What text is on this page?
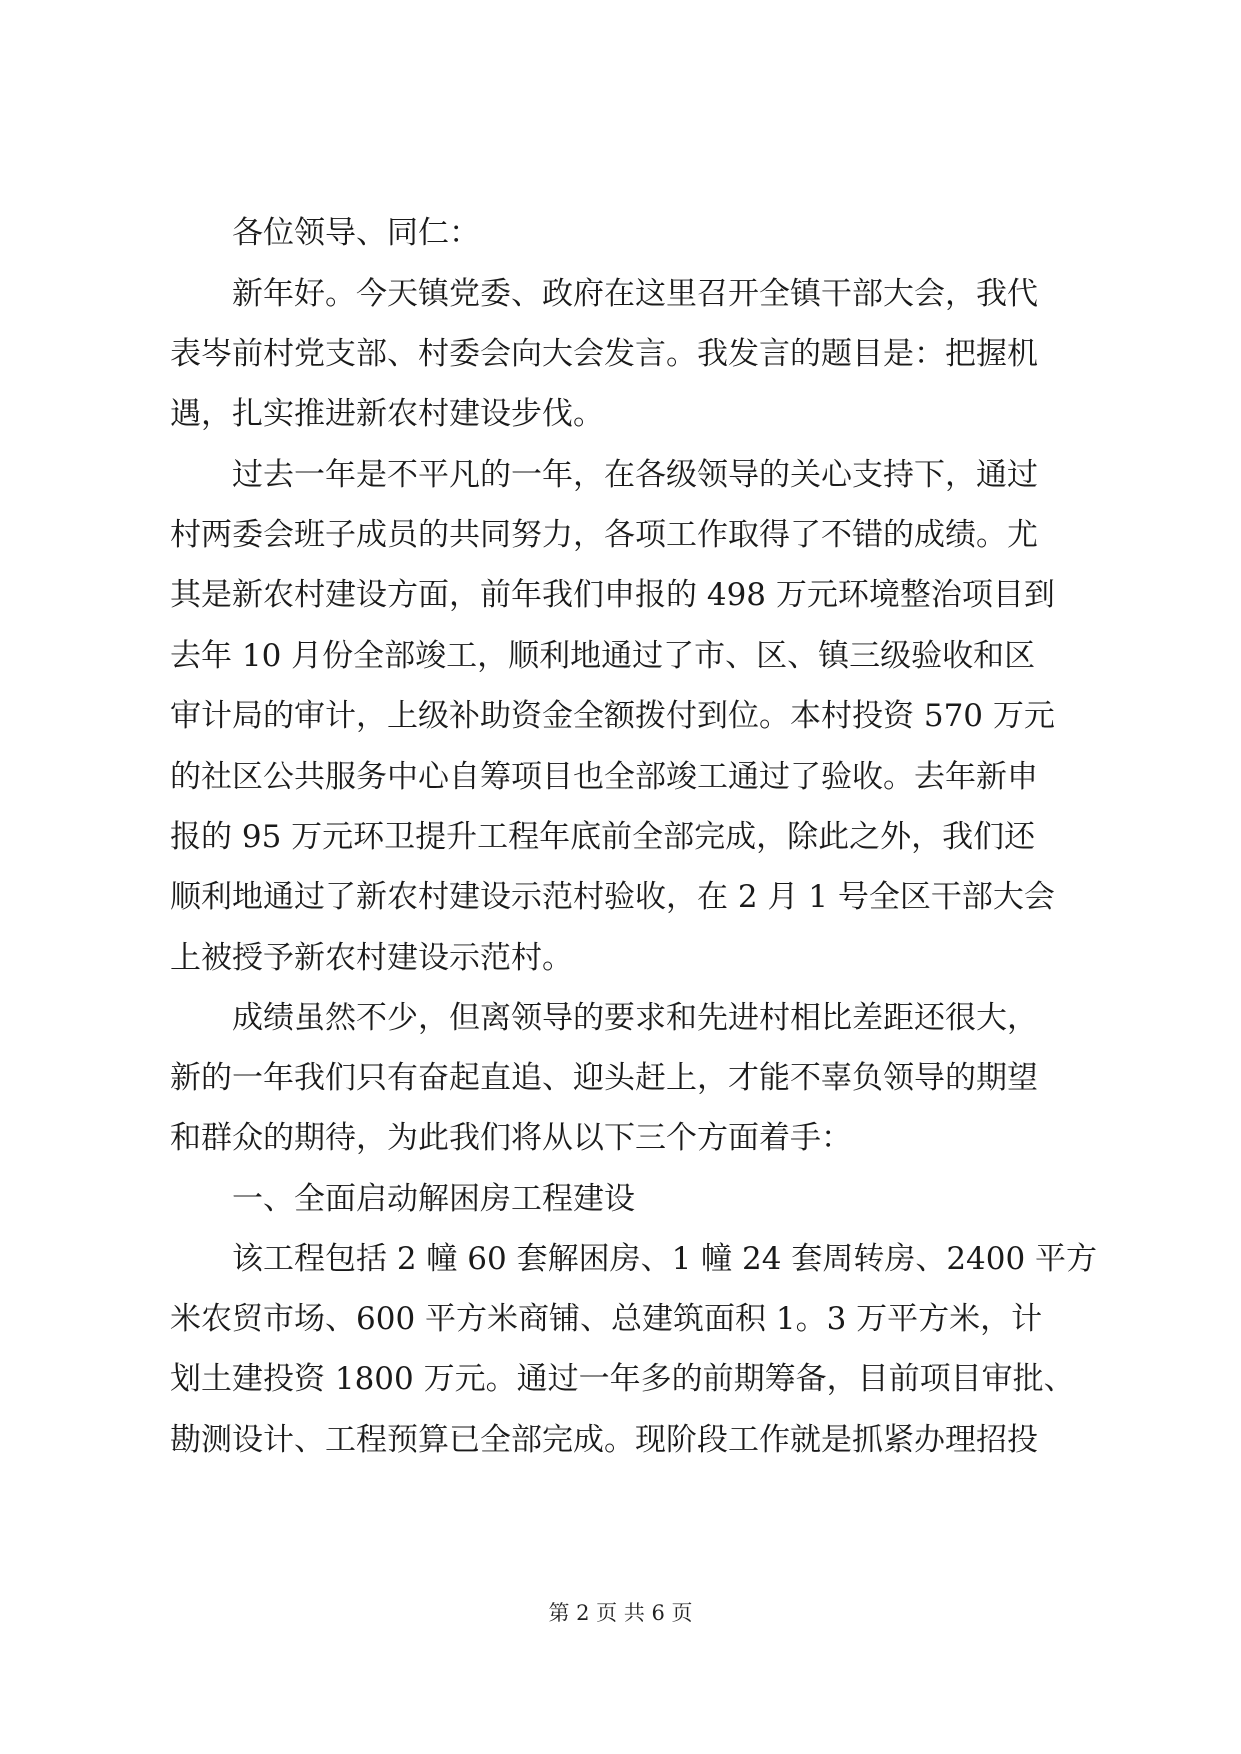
各位领导、同仁：
新年好。今天镇党委、政府在这里召开全镇干部大会，我代
表岑前村党支部、村委会向大会发言。我发言的题目是：把握机
遇，扎实推进新农村建设步伐。
过去一年是不平凡的一年，在各级领导的关心支持下，通过
村两委会班子成员的共同努力，各项工作取得了不错的成绩。尤
其是新农村建设方面，前年我们申报的 498 万元环境整治项目到
去年 10 月份全部竣工，顺利地通过了市、区、镇三级验收和区
审计局的审计，上级补助资金全额拨付到位。本村投资 570 万元
的社区公共服务中心自筹项目也全部竣工通过了验收。去年新申
报的 95 万元环卫提升工程年底前全部完成，除此之外，我们还
顺利地通过了新农村建设示范村验收，在 2 月 1 号全区干部大会
上被授予新农村建设示范村。
成绩虽然不少，但离领导的要求和先进村相比差距还很大，
新的一年我们只有奋起直追、迎头赶上，才能不辜负领导的期望
和群众的期待，为此我们将从以下三个方面着手：
一、全面启动解困房工程建设
该工程包括 2 幢 60 套解困房、1 幢 24 套周转房、2400 平方
米农贸市场、600 平方米商铺、总建筑面积 1。3 万平方米，计
划土建投资 1800 万元。通过一年多的前期筹备，目前项目审批、
勘测设计、工程预算已全部完成。现阶段工作就是抓紧办理招投
第 2 页 共 6 页
